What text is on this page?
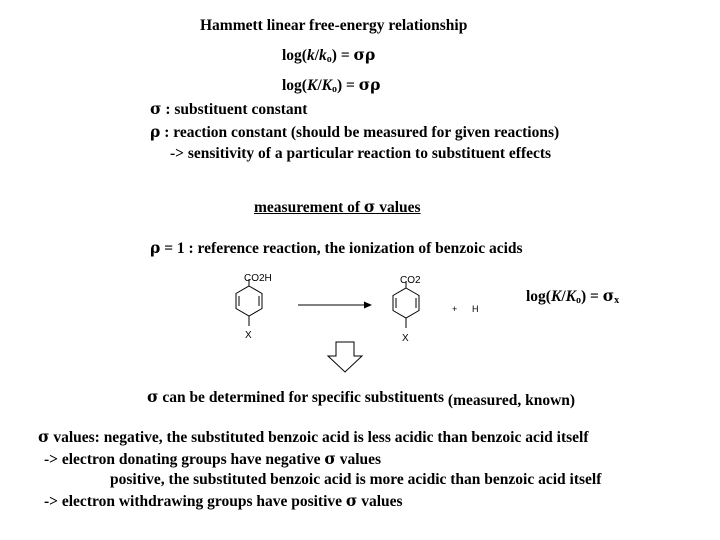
Hammett linear free-energy relationship
$\log(k/k_o) = \sigma\rho$
$\log(K/K_o) = \sigma\rho$
σ : substituent constant
ρ : reaction constant (should be measured for given reactions)
-> sensitivity of a particular reaction to substituent effects
measurement of σ values
ρ = 1 : reference reaction, the ionization of benzoic acids
CO2H
X
CO2
X
+ H
$\log(K/K_o) = \sigma_x$
σ can be determined for specific substituents (measured, known)
σ values: negative, the substituted benzoic acid is less acidic than benzoic acid itself
-> electron donating groups have negative σ values
positive, the substituted benzoic acid is more acidic than benzoic acid itself
-> electron withdrawing groups have positive σ values
